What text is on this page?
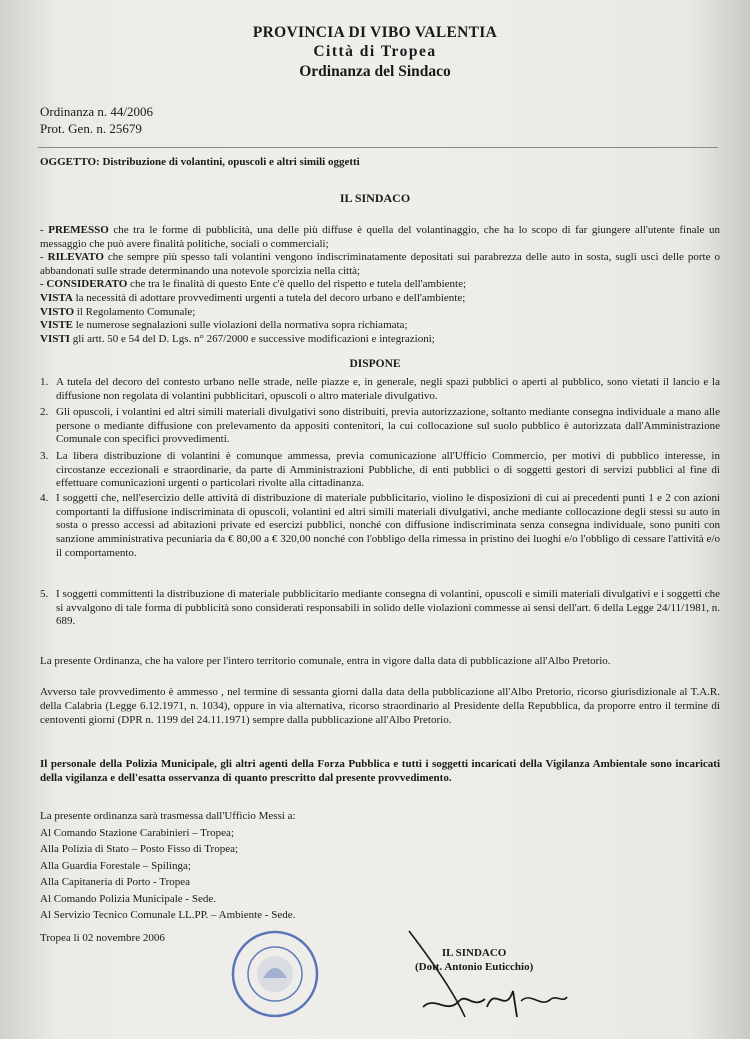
PROVINCIA DI VIBO VALENTIA
Città di Tropea
Ordinanza del Sindaco
Ordinanza n. 44/2006
Prot. Gen. n. 25679
OGGETTO: Distribuzione di volantini, opuscoli e altri simili oggetti
IL SINDACO

- PREMESSO che tra le forme di pubblicità, una delle più diffuse è quella del volantinaggio, che ha lo scopo di far giungere all'utente finale un messaggio che può avere finalità politiche, sociali o commerciali;

- RILEVATO che sempre più spesso tali volantini vengono indiscriminatamente depositati sui parabrezza delle auto in sosta, sugli usci delle porte o abbandonati sulle strade determinando una notevole sporcizia nella città;

- CONSIDERATO che tra le finalità di questo Ente c'è quello del rispetto e tutela dell'ambiente;

VISTA la necessità di adottare provvedimenti urgenti a tutela del decoro urbano e dell'ambiente;

VISTO il Regolamento Comunale;

VISTE le numerose segnalazioni sulle violazioni della normativa sopra richiamata;

VISTI gli artt. 50 e 54 del D. Lgs. n° 267/2000 e successive modificazioni e integrazioni;

DISPONE
1. A tutela del decoro del contesto urbano nelle strade, nelle piazze e, in generale, negli spazi pubblici o aperti al pubblico, sono vietati il lancio e la diffusione non regolata di volantini pubblicitari, opuscoli o altro materiale divulgativo.
2. Gli opuscoli, i volantini ed altri simili materiali divulgativi sono distribuiti, previa autorizzazione, soltanto mediante consegna individuale a mano alle persone o mediante diffusione con prelevamento da appositi contenitori, la cui collocazione sul suolo pubblico è autorizzata dall'Amministrazione Comunale con specifici provvedimenti.
3. La libera distribuzione di volantini è comunque ammessa, previa comunicazione all'Ufficio Commercio, per motivi di pubblico interesse, in circostanze eccezionali e straordinarie, da parte di Amministrazioni Pubbliche, di enti pubblici o di soggetti gestori di servizi pubblici al fine di effettuare comunicazioni urgenti o particolari rivolte alla cittadinanza.
4. I soggetti che, nell'esercizio delle attività di distribuzione di materiale pubblicitario, violino le disposizioni di cui ai precedenti punti 1 e 2 con azioni comportanti la diffusione indiscriminata di opuscoli, volantini ed altri simili materiali divulgativi, anche mediante collocazione degli stessi su auto in sosta o presso accessi ad abitazioni private ed esercizi pubblici, nonché con diffusione indiscriminata senza consegna individuale, sono puniti con sanzione amministrativa pecuniaria da € 80,00 a € 320,00 nonché con l'obbligo della rimessa in pristino dei luoghi e/o l'obbligo di cessare l'attività e/o il comportamento.
5. I soggetti committenti la distribuzione di materiale pubblicitario mediante consegna di volantini, opuscoli e simili materiali divulgativi e i soggetti che si avvalgono di tale forma di pubblicità sono considerati responsabili in solido delle violazioni commesse ai sensi dell'art. 6 della Legge 24/11/1981, n. 689.
La presente Ordinanza, che ha valore per l'intero territorio comunale, entra in vigore dalla data di pubblicazione all'Albo Pretorio.
Avverso tale provvedimento è ammesso , nel termine di sessanta giorni dalla data della pubblicazione all'Albo Pretorio, ricorso giurisdizionale al T.A.R. della Calabria (Legge 6.12.1971, n. 1034), oppure in via alternativa, ricorso straordinario al Presidente della Repubblica, da proporre entro il termine di centoventi giorni (DPR n. 1199 del 24.11.1971) sempre dalla pubblicazione all'Albo Pretorio.
Il personale della Polizia Municipale, gli altri agenti della Forza Pubblica e tutti i soggetti incaricati della Vigilanza Ambientale sono incaricati della vigilanza e dell'esatta osservanza di quanto prescritto dal presente provvedimento.
La presente ordinanza sarà trasmessa dall'Ufficio Messi a:
Al Comando Stazione Carabinieri – Tropea;
Alla Polizia di Stato – Posto Fisso di Tropea;
Alla Guardia Forestale – Spilinga;
Alla Capitaneria di Porto - Tropea
Al Comando Polizia Municipale - Sede.
Al Servizio Tecnico Comunale LL.PP. – Ambiente - Sede.
Tropea lì 02 novembre 2006
IL SINDACO
(Dott. Antonio Euticchio)
